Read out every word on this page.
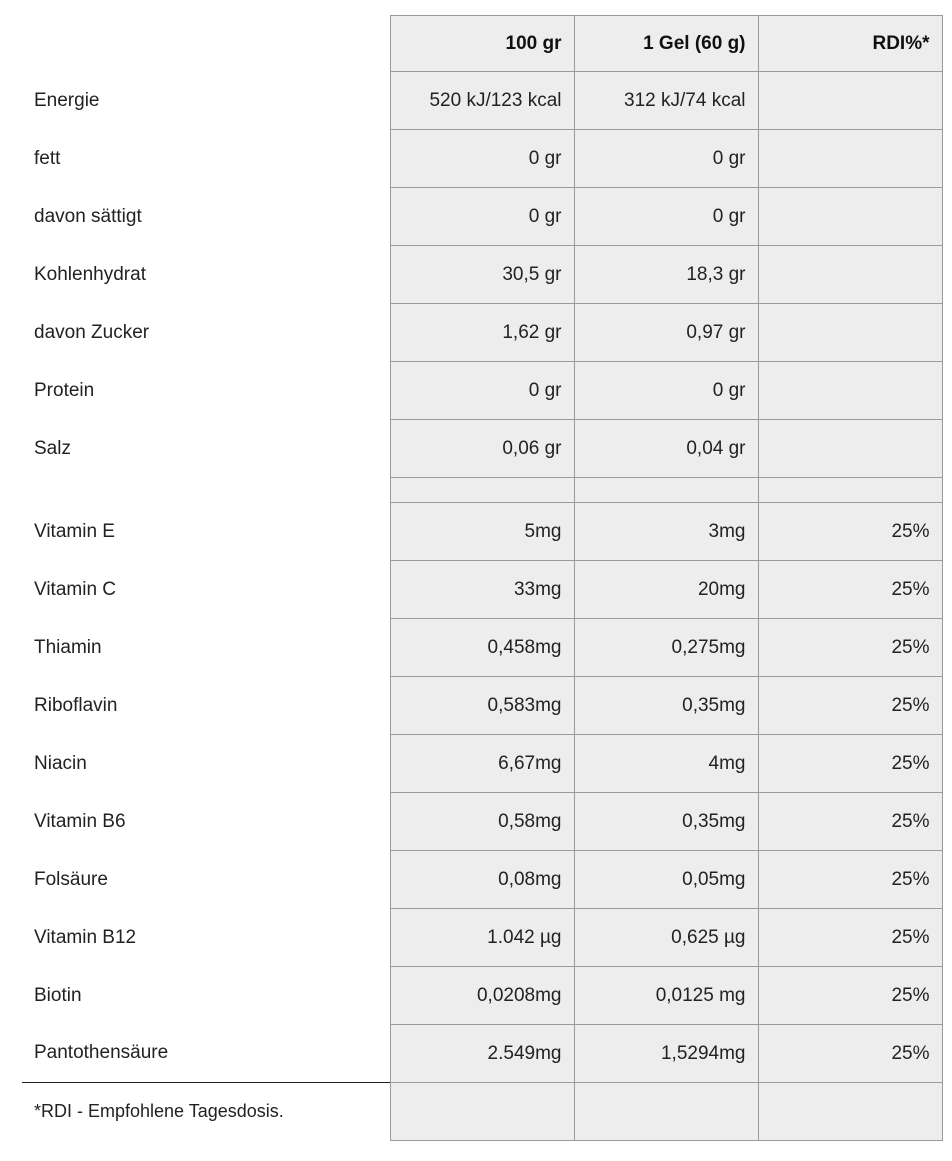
	100 gr	1 Gel (60 g)	RDI%*
Energie	520 kJ/123 kcal	312 kJ/74 kcal	
fett	0 gr	0 gr	
davon sättigt	0 gr	0 gr	
Kohlenhydrat	30,5 gr	18,3 gr	
davon Zucker	1,62 gr	0,97 gr	
Protein	0 gr	0 gr	
Salz	0,06 gr	0,04 gr	

Vitamin E	5mg	3mg	25%
Vitamin C	33mg	20mg	25%
Thiamin	0,458mg	0,275mg	25%
Riboflavin	0,583mg	0,35mg	25%
Niacin	6,67mg	4mg	25%
Vitamin B6	0,58mg	0,35mg	25%
Folsäure	0,08mg	0,05mg	25%
Vitamin B12	1.042 µg	0,625 µg	25%
Biotin	0,0208mg	0,0125 mg	25%
Pantothensäure	2.549mg	1,5294mg	25%
*RDI - Empfohlene Tagesdosis.			
